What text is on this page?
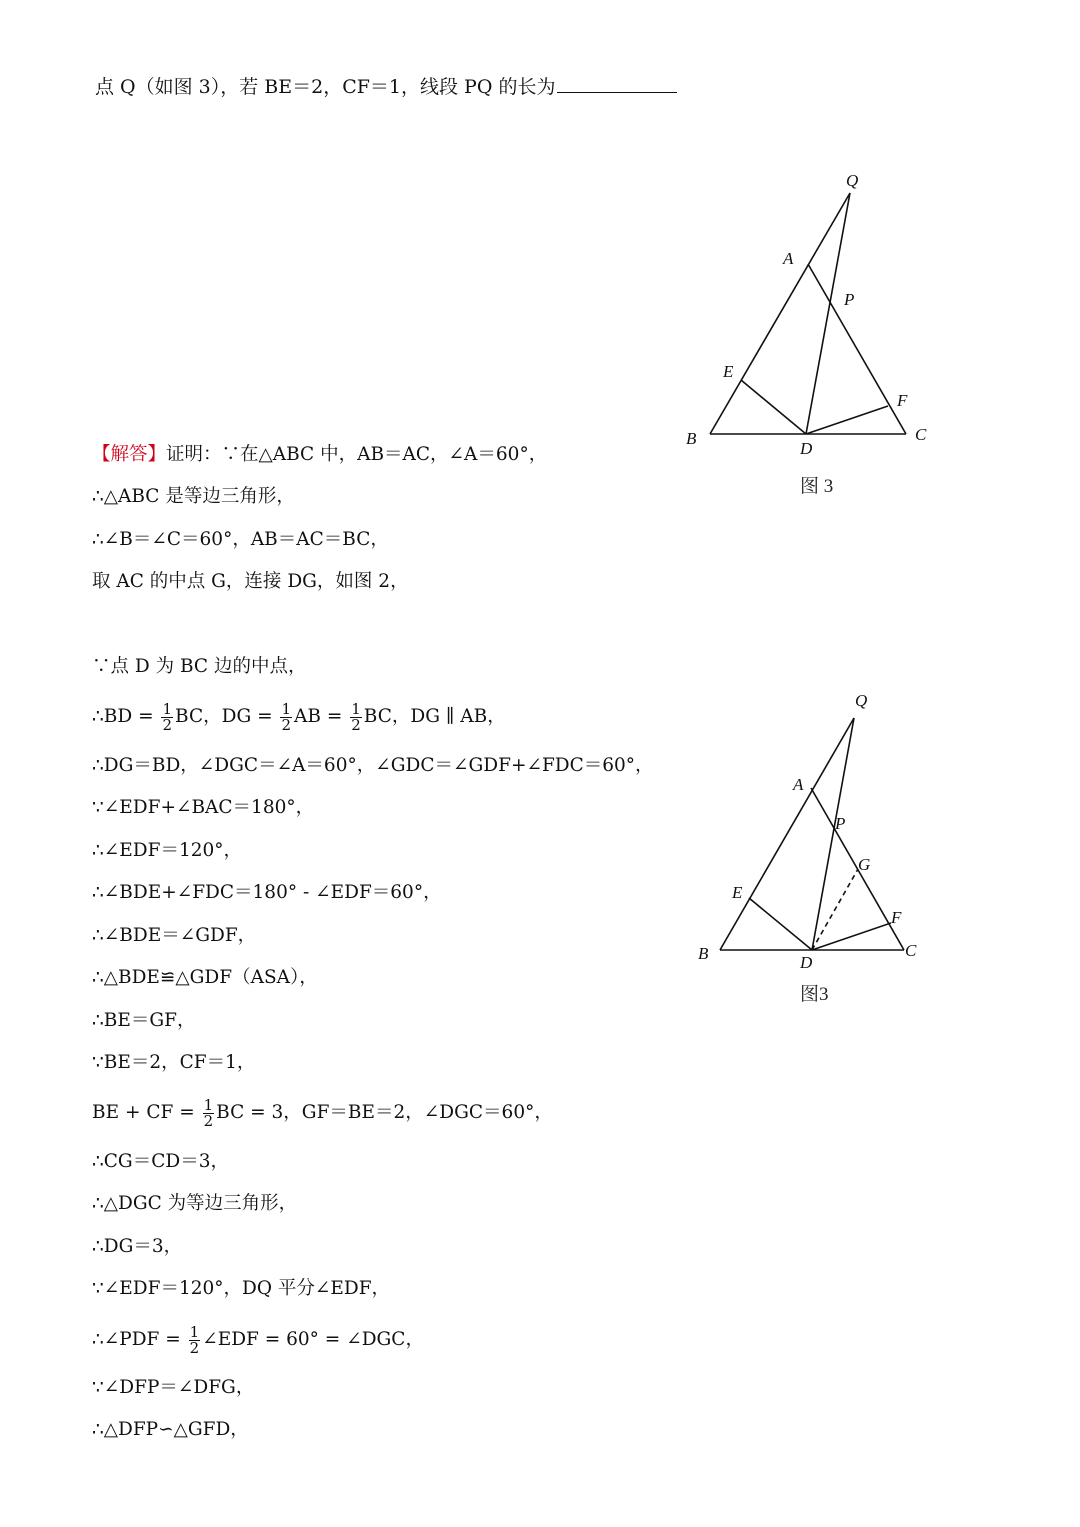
点 Q（如图 3），若 BE＝2，CF＝1，线段 PQ 的长为
Q
A
P
E
F
B
D
C
图 3
【解答】证明：∵在△ABC 中，AB＝AC，∠A＝60°，
∴△ABC 是等边三角形，
∴∠B＝∠C＝60°，AB＝AC＝BC，
取 AC 的中点 G，连接 DG，如图 2，
∵点 D 为 BC 边的中点，
∴BD = $\frac{1}{2}$ BC，DG = $\frac{1}{2}$ AB = $\frac{1}{2}$ BC，DG ∥ AB，
∴DG＝BD，∠DGC＝∠A＝60°，∠GDC＝∠GDF+∠FDC＝60°，
∵∠EDF+∠BAC＝180°，
∴∠EDF＝120°，
∴∠BDE+∠FDC＝180° - ∠EDF＝60°，
∴∠BDE＝∠GDF，
∴△BDE≌△GDF（ASA），
∴BE＝GF，
∵BE＝2，CF＝1，
BE + CF = $\frac{1}{2}$ BC = 3，GF＝BE＝2，∠DGC＝60°，
∴CG＝CD＝3，
∴△DGC 为等边三角形，
∴DG＝3，
∵∠EDF＝120°，DQ 平分∠EDF，
∴∠PDF = $\frac{1}{2}$ ∠EDF = 60° = ∠DGC，
∵∠DFP＝∠DFG，
∴△DFP∽△GFD，
Q
A
P
G
E
F
B	D
C
图3
